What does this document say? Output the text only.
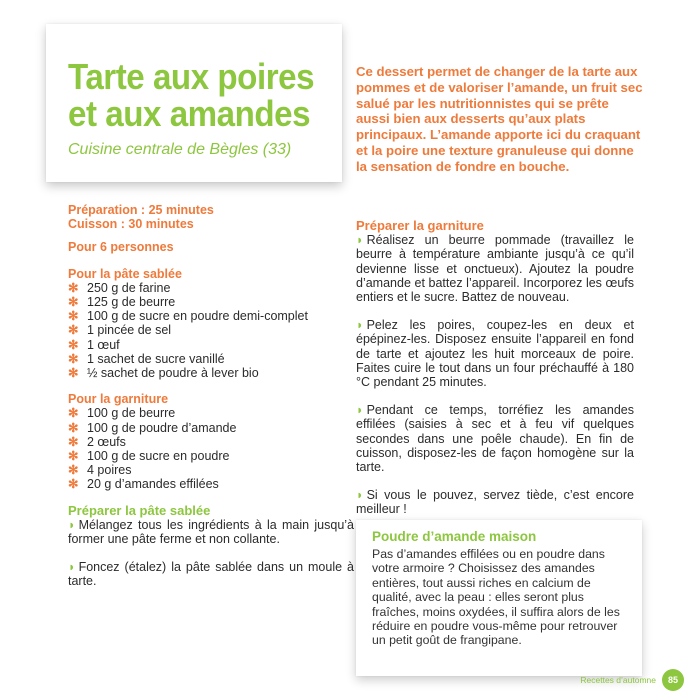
Tarte aux poires
et aux amandes
Cuisine centrale de Bègles (33)
Ce dessert permet de changer de la tarte aux pommes et de valoriser l’amande, un fruit sec salué par les nutritionnistes qui se prête aussi bien aux desserts qu’aux plats principaux. L’amande apporte ici du craquant et la poire une texture granuleuse qui donne la sensation de fondre en bouche.
Préparation : 25 minutes
Cuisson : 30 minutes
Pour 6 personnes
Pour la pâte sablée
✻ 250 g de farine
✻ 125 g de beurre
✻ 100 g de sucre en poudre demi-complet
✻ 1 pincée de sel
✻ 1 œuf
✻ 1 sachet de sucre vanillé
✻ ½ sachet de poudre à lever bio
Pour la garniture
✻ 100 g de beurre
✻ 100 g de poudre d’amande
✻ 2 œufs
✻ 100 g de sucre en poudre
✻ 4 poires
✻ 20 g d’amandes effilées
Préparer la pâte sablée

◗ Mélangez tous les ingrédients à la main jusqu’à former une pâte ferme et non collante.

◗ Foncez (étalez) la pâte sablée dans un moule à tarte.

Préparer la garniture

◗ Réalisez un beurre pommade (travaillez le beurre à température ambiante jusqu’à ce qu’il devienne lisse et onctueux). Ajoutez la poudre d’amande et battez l’appareil. Incorporez les œufs entiers et le sucre. Battez de nouveau.

◗ Pelez les poires, coupez-les en deux et épépinez-les. Disposez ensuite l’appareil en fond de tarte et ajoutez les huit morceaux de poire. Faites cuire le tout dans un four préchauffé à 180 °C pendant 25 minutes.

◗ Pendant ce temps, torréfiez les amandes effilées (saisies à sec et à feu vif quelques secondes dans une poêle chaude). En fin de cuisson, disposez-les de façon homogène sur la tarte.

◗ Si vous le pouvez, servez tiède, c’est encore meilleur !

Poudre d’amande maison
Pas d’amandes effilées ou en poudre dans votre armoire ? Choisissez des amandes entières, tout aussi riches en calcium de qualité, avec la peau : elles seront plus fraîches, moins oxydées, il suffira alors de les réduire en poudre vous-même pour retrouver un petit goût de frangipane.
Recettes d’automne	85
